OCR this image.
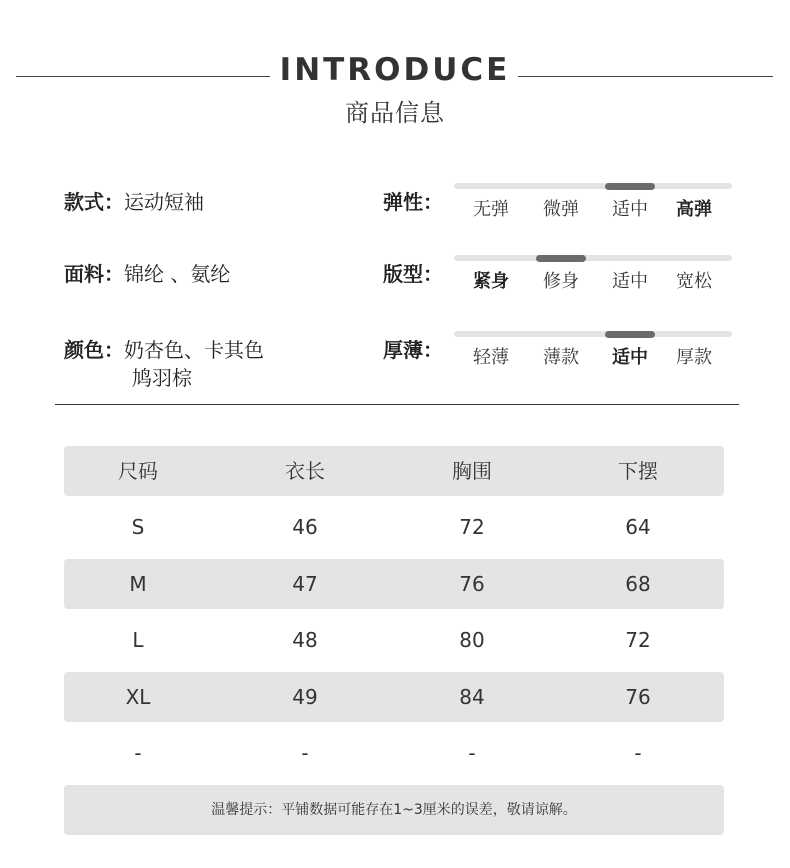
INTRODUCE
商品信息
款式：运动短袖
面料：锦纶 、氨纶
颜色：奶杏色、卡其色
鸠羽棕
弹性：	无弹	微弹	适中	高弹
版型：	紧身	修身	适中	宽松
厚薄：	轻薄	薄款	适中	厚款
尺码	衣长	胸围	下摆
S	46	72	64
M	47	76	68
L	48	80	72
XL	49	84	76
-	-	-	-
温馨提示：平铺数据可能存在1~3厘米的误差，敬请谅解。
